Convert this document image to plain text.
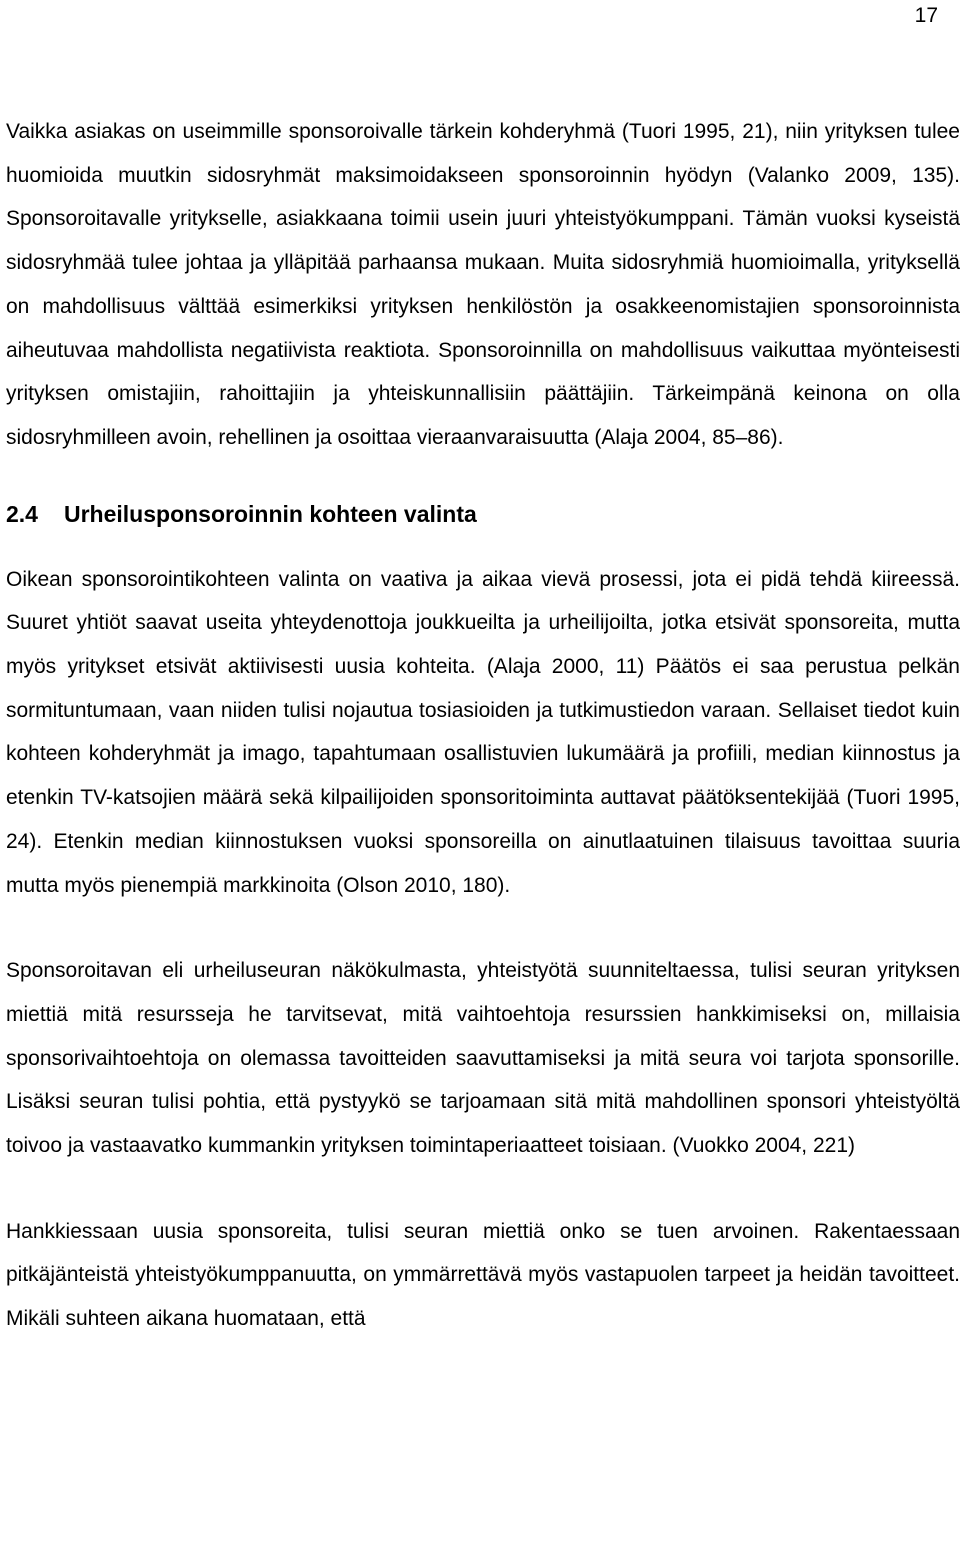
17

Vaikka asiakas on useimmille sponsoroivalle tärkein kohderyhmä (Tuori 1995, 21), niin yrityksen tulee huomioida muutkin sidosryhmät maksimoidakseen sponsoroinnin hyödyn (Valanko 2009, 135). Sponsoroitavalle yritykselle, asiakkaana toimii usein juuri yhteistyökumppani. Tämän vuoksi kyseistä sidosryhmää tulee johtaa ja ylläpitää parhaansa mukaan. Muita sidosryhmiä huomioimalla, yrityksellä on mahdollisuus välttää esimerkiksi yrityksen henkilöstön ja osakkeenomistajien sponsoroinnista aiheutuvaa mahdollista negatiivista reaktiota. Sponsoroinnilla on mahdollisuus vaikuttaa myönteisesti yrityksen omistajiin, rahoittajiin ja yhteiskunnallisiin päättäjiin. Tärkeimpänä keinona on olla sidosryhmilleen avoin, rehellinen ja osoittaa vieraanvaraisuutta (Alaja 2004, 85–86).

2.4	Urheilusponsoroinnin kohteen valinta

Oikean sponsorointikohteen valinta on vaativa ja aikaa vievä prosessi, jota ei pidä tehdä kiireessä. Suuret yhtiöt saavat useita yhteydenottoja joukkueilta ja urheilijoilta, jotka etsivät sponsoreita, mutta myös yritykset etsivät aktiivisesti uusia kohteita. (Alaja 2000, 11) Päätös ei saa perustua pelkän sormituntumaan, vaan niiden tulisi nojautua tosiasioiden ja tutkimustiedon varaan. Sellaiset tiedot kuin kohteen kohderyhmät ja imago, tapahtumaan osallistuvien lukumäärä ja profiili, median kiinnostus ja etenkin TV-katsojien määrä sekä kilpailijoiden sponsoritoiminta auttavat päätöksentekijää (Tuori 1995, 24). Etenkin median kiinnostuksen vuoksi sponsoreilla on ainutlaatuinen tilaisuus tavoittaa suuria mutta myös pienempiä markkinoita (Olson 2010, 180).

Sponsoroitavan eli urheiluseuran näkökulmasta, yhteistyötä suunniteltaessa, tulisi seuran yrityksen miettiä mitä resursseja he tarvitsevat, mitä vaihtoehtoja resurssien hankkimiseksi on, millaisia sponsorivaihtoehtoja on olemassa tavoitteiden saavuttamiseksi ja mitä seura voi tarjota sponsorille. Lisäksi seuran tulisi pohtia, että pystyykö se tarjoamaan sitä mitä mahdollinen sponsori yhteistyöltä toivoo ja vastaavatko kummankin yrityksen toimintaperiaatteet toisiaan. (Vuokko 2004, 221)

Hankkiessaan uusia sponsoreita, tulisi seuran miettiä onko se tuen arvoinen. Rakentaessaan pitkäjänteistä yhteistyökumppanuutta, on ymmärrettävä myös vastapuolen tarpeet ja heidän tavoitteet. Mikäli suhteen aikana huomataan, että
